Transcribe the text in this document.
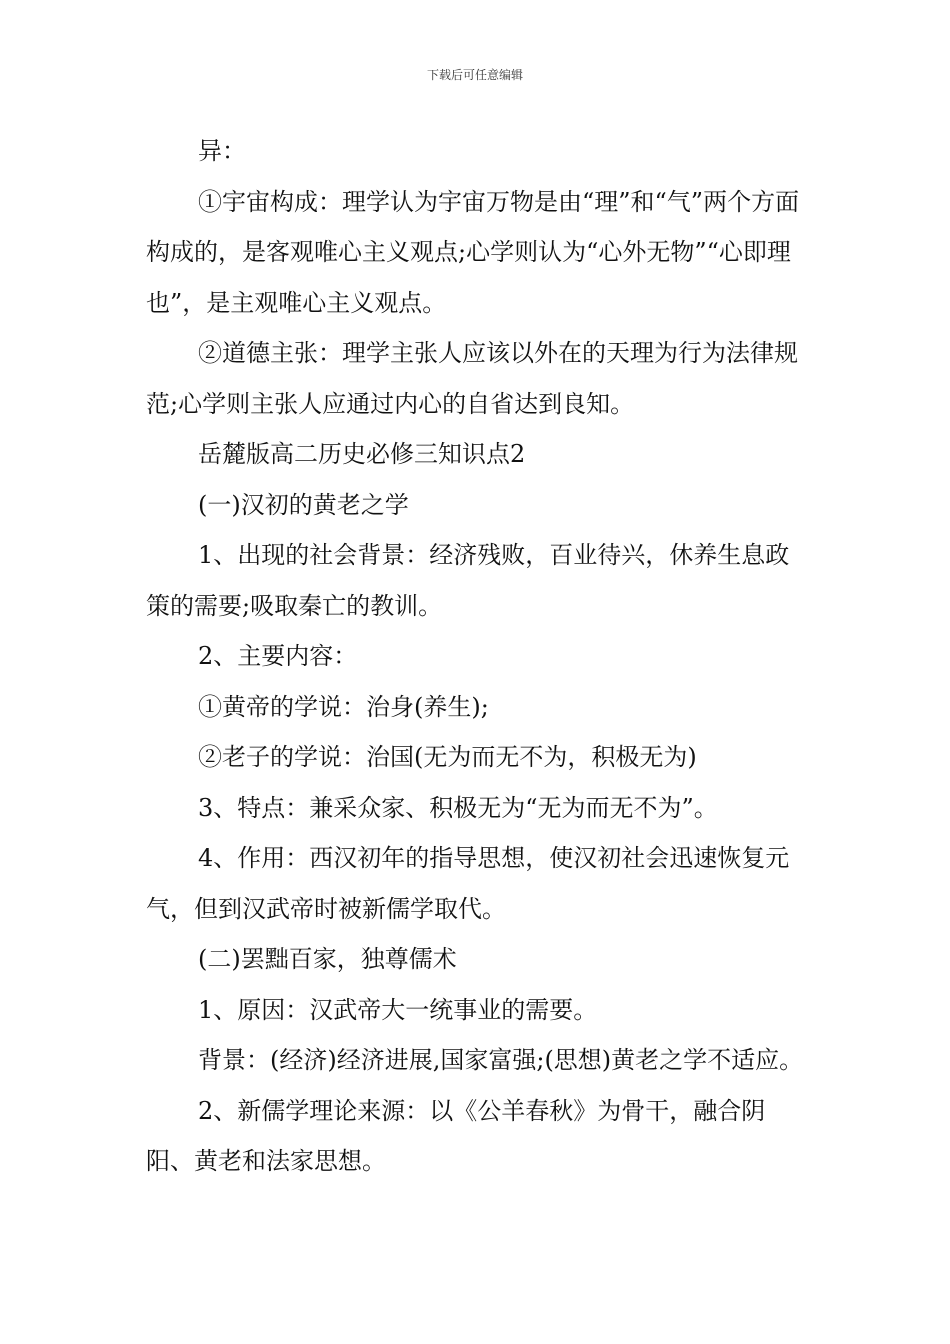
下载后可任意编辑

异：

①宇宙构成：理学认为宇宙万物是由“理”和“气”两个方面构成的，是客观唯心主义观点;心学则认为“心外无物”“心即理也”，是主观唯心主义观点。

②道德主张：理学主张人应该以外在的天理为行为法律规范;心学则主张人应通过内心的自省达到良知。

岳麓版高二历史必修三知识点2

(一)汉初的黄老之学

1、出现的社会背景：经济残败，百业待兴，休养生息政策的需要;吸取秦亡的教训。

2、主要内容：

①黄帝的学说：治身(养生);

②老子的学说：治国(无为而无不为，积极无为)

3、特点：兼采众家、积极无为“无为而无不为”。

4、作用：西汉初年的指导思想，使汉初社会迅速恢复元气，但到汉武帝时被新儒学取代。

(二)罢黜百家，独尊儒术

1、原因：汉武帝大一统事业的需要。

背景：(经济)经济进展,国家富强;(思想)黄老之学不适应。

2、新儒学理论来源：以《公羊春秋》为骨干，融合阴阳、黄老和法家思想。
